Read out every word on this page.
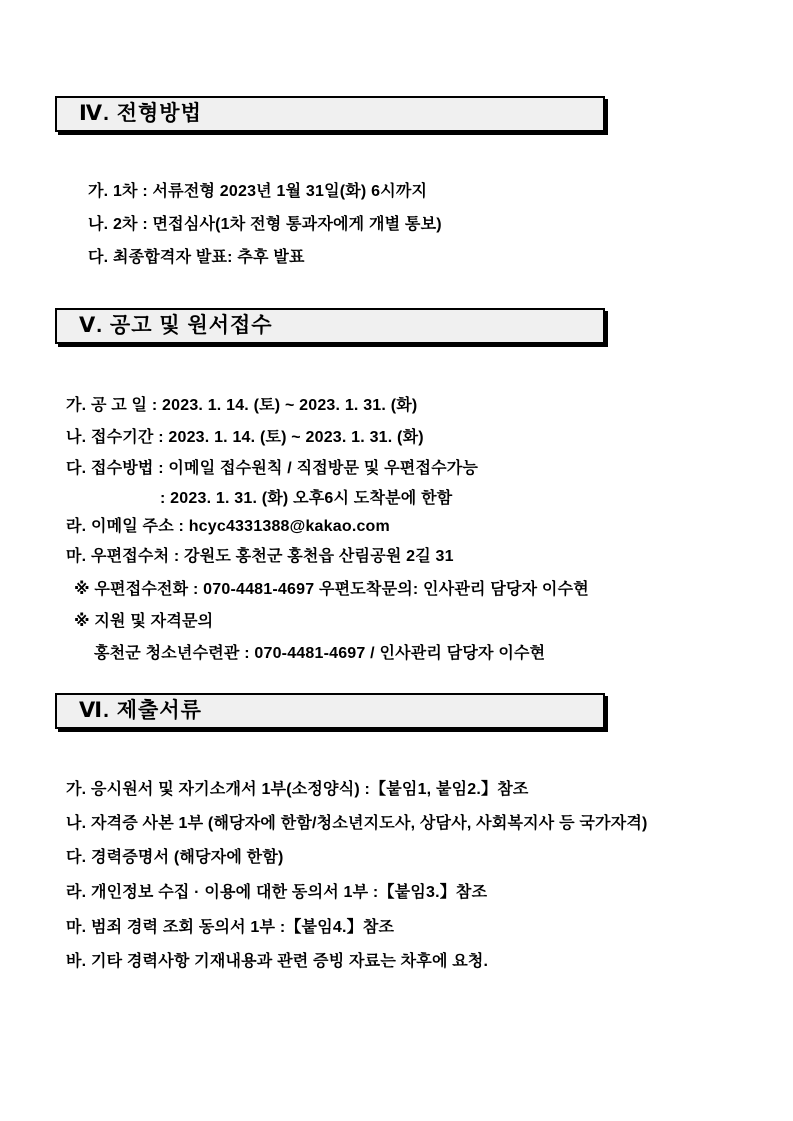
Ⅳ. 전형방법
가. 1차 : 서류전형 2023년 1월 31일(화) 6시까지
나. 2차 : 면접심사(1차 전형 통과자에게 개별 통보)
다. 최종합격자 발표: 추후 발표
Ⅴ. 공고 및 원서접수
가. 공 고 일 : 2023. 1. 14. (토) ~ 2023. 1. 31. (화)
나. 접수기간 : 2023. 1. 14. (토) ~ 2023. 1. 31. (화)
다. 접수방법 : 이메일 접수원칙 / 직접방문 및 우편접수가능
: 2023. 1. 31. (화) 오후6시 도착분에 한함
라. 이메일 주소 : hcyc4331388@kakao.com
마. 우편접수처 : 강원도 홍천군 홍천읍 산림공원 2길 31
※ 우편접수전화 : 070-4481-4697 우편도착문의: 인사관리 담당자 이수현
※ 지원 및 자격문의
홍천군 청소년수련관 : 070-4481-4697 / 인사관리 담당자 이수현
Ⅵ. 제출서류
가. 응시원서 및 자기소개서 1부(소정양식) :【붙임1, 붙임2.】참조
나. 자격증 사본 1부 (해당자에 한함/청소년지도사, 상담사, 사회복지사 등 국가자격)
다. 경력증명서 (해당자에 한함)
라. 개인정보 수집 · 이용에 대한 동의서 1부 :【붙임3.】참조
마. 범죄 경력 조회 동의서 1부 :【붙임4.】참조
바. 기타 경력사항 기재내용과 관련 증빙 자료는 차후에 요청.
